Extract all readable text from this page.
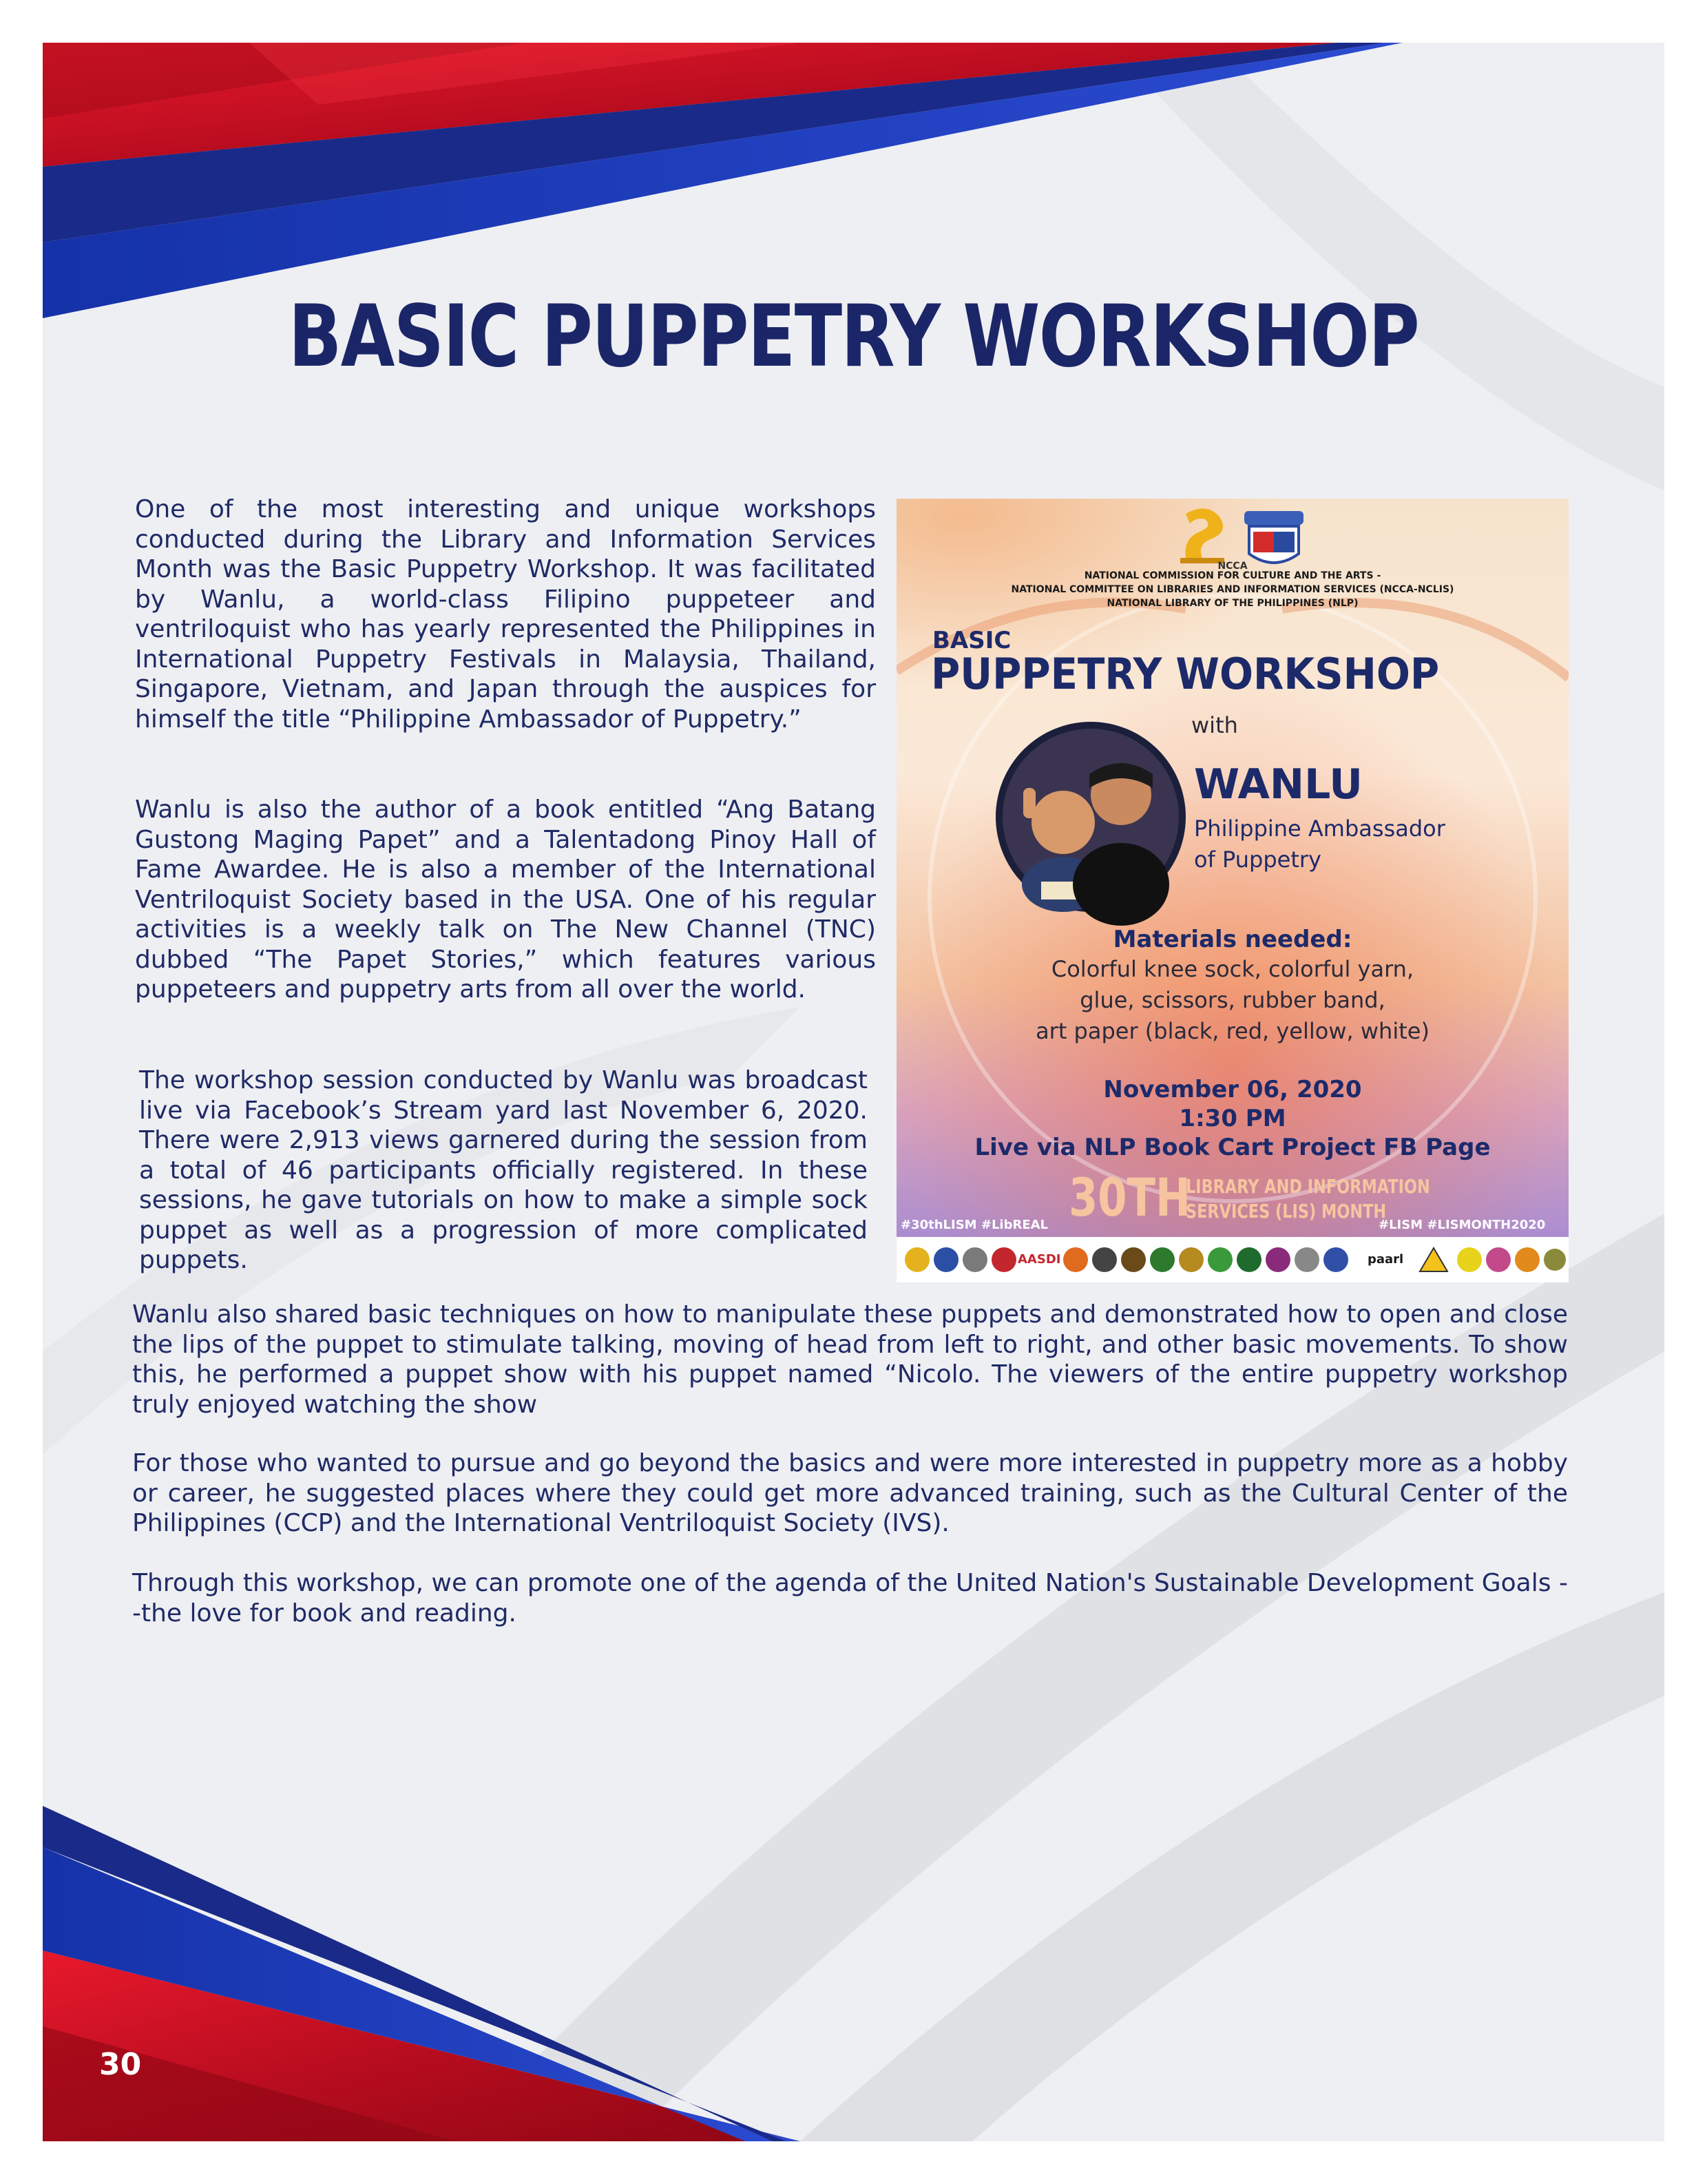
BASIC PUPPETRY WORKSHOP

One of the most interesting and unique workshops conducted during the Library and Information Services Month was the Basic Puppetry Workshop. It was facilitated by Wanlu, a world-class Filipino puppeteer and ventriloquist who has yearly represented the Philippines in International Puppetry Festivals in Malaysia, Thailand, Singapore, Vietnam, and Japan through the auspices for himself the title “Philippine Ambassador of Puppetry.”

Wanlu is also the author of a book entitled “Ang Batang Gustong Maging Papet” and a Talentadong Pinoy Hall of Fame Awardee. He is also a member of the International Ventriloquist Society based in the USA. One of his regular activities is a weekly talk on The New Channel (TNC) dubbed “The Papet Stories,” which features various puppeteers and puppetry arts from all over the world.

The workshop session conducted by Wanlu was broadcast live via Facebook’s Stream yard last November 6, 2020. There were 2,913 views garnered during the session from a total of 46 participants officially registered. In these sessions, he gave tutorials on how to make a simple sock puppet as well as a progression of more complicated puppets.

Wanlu also shared basic techniques on how to manipulate these puppets and demonstrated how to open and close the lips of the puppet to stimulate talking, moving of head from left to right, and other basic movements. To show this, he performed a puppet show with his puppet named “Nicolo. The viewers of the entire puppetry workshop truly enjoyed watching the show

For those who wanted to pursue and go beyond the basics and were more interested in puppetry more as a hobby or career, he suggested places where they could get more advanced training, such as the Cultural Center of the Philippines (CCP) and the International Ventriloquist Society (IVS).

Through this workshop, we can promote one of the agenda of the United Nation's Sustainable Development Goals --the love for book and reading.

NCCA

NATIONAL COMMISSION FOR CULTURE AND THE ARTS -

NATIONAL COMMITTEE ON LIBRARIES AND INFORMATION SERVICES (NCCA-NCLIS)

NATIONAL LIBRARY OF THE PHILIPPINES (NLP)

BASIC

PUPPETRY WORKSHOP

with

WANLU

Philippine Ambassador

of Puppetry

Materials needed:

Colorful knee sock, colorful yarn,

glue, scissors, rubber band,

art paper (black, red, yellow, white)

November 06, 2020

1:30 PM

Live via NLP Book Cart Project FB Page

30TH

LIBRARY AND INFORMATION

SERVICES (LIS) MONTH

#30thLISM #LibREAL	#LISM #LISMONTH2020

AASDI	paarl

30
